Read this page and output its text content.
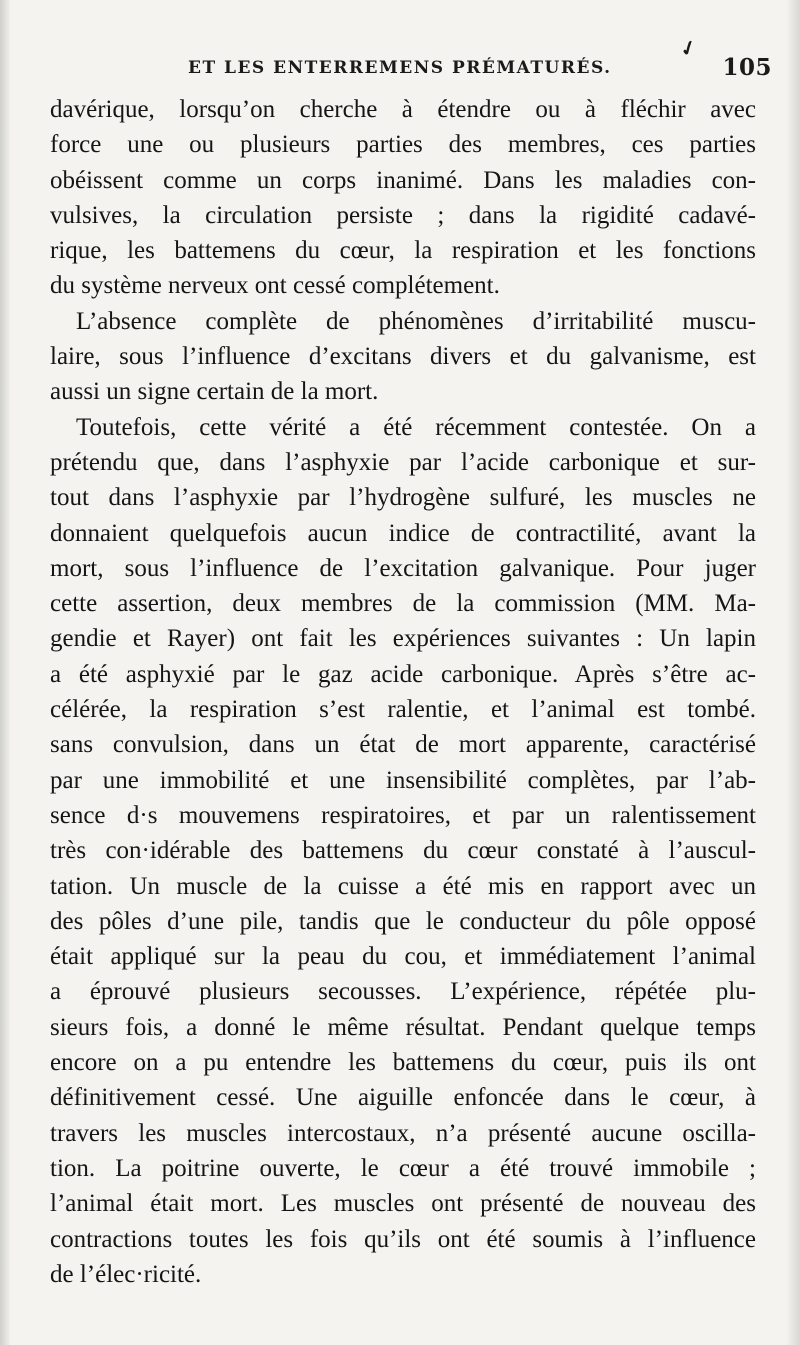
✓
ET LES ENTERREMENS PRÉMATURÉS.	105
davérique, lorsqu’on cherche à étendre ou à fléchir avec
force une ou plusieurs parties des membres, ces parties
obéissent comme un corps inanimé. Dans les maladies con-
vulsives, la circulation persiste ; dans la rigidité cadavé-
rique, les battemens du cœur, la respiration et les fonctions
du système nerveux ont cessé complétement.
L’absence complète de phénomènes d’irritabilité muscu-
laire, sous l’influence d’excitans divers et du galvanisme, est
aussi un signe certain de la mort.
Toutefois, cette vérité a été récemment contestée. On a
prétendu que, dans l’asphyxie par l’acide carbonique et sur-
tout dans l’asphyxie par l’hydrogène sulfuré, les muscles ne
donnaient quelquefois aucun indice de contractilité, avant la
mort, sous l’influence de l’excitation galvanique. Pour juger
cette assertion, deux membres de la commission (MM. Ma-
gendie et Rayer) ont fait les expériences suivantes : Un lapin
a été asphyxié par le gaz acide carbonique. Après s’être ac-
célérée, la respiration s’est ralentie, et l’animal est tombé.
sans convulsion, dans un état de mort apparente, caractérisé
par une immobilité et une insensibilité complètes, par l’ab-
sence d·s mouvemens respiratoires, et par un ralentissement
très con·idérable des battemens du cœur constaté à l’auscul-
tation. Un muscle de la cuisse a été mis en rapport avec un
des pôles d’une pile, tandis que le conducteur du pôle opposé
était appliqué sur la peau du cou, et immédiatement l’animal
a éprouvé plusieurs secousses. L’expérience, répétée plu-
sieurs fois, a donné le même résultat. Pendant quelque temps
encore on a pu entendre les battemens du cœur, puis ils ont
définitivement cessé. Une aiguille enfoncée dans le cœur, à
travers les muscles intercostaux, n’a présenté aucune oscilla-
tion. La poitrine ouverte, le cœur a été trouvé immobile ;
l’animal était mort. Les muscles ont présenté de nouveau des
contractions toutes les fois qu’ils ont été soumis à l’influence
de l’élec·ricité.
